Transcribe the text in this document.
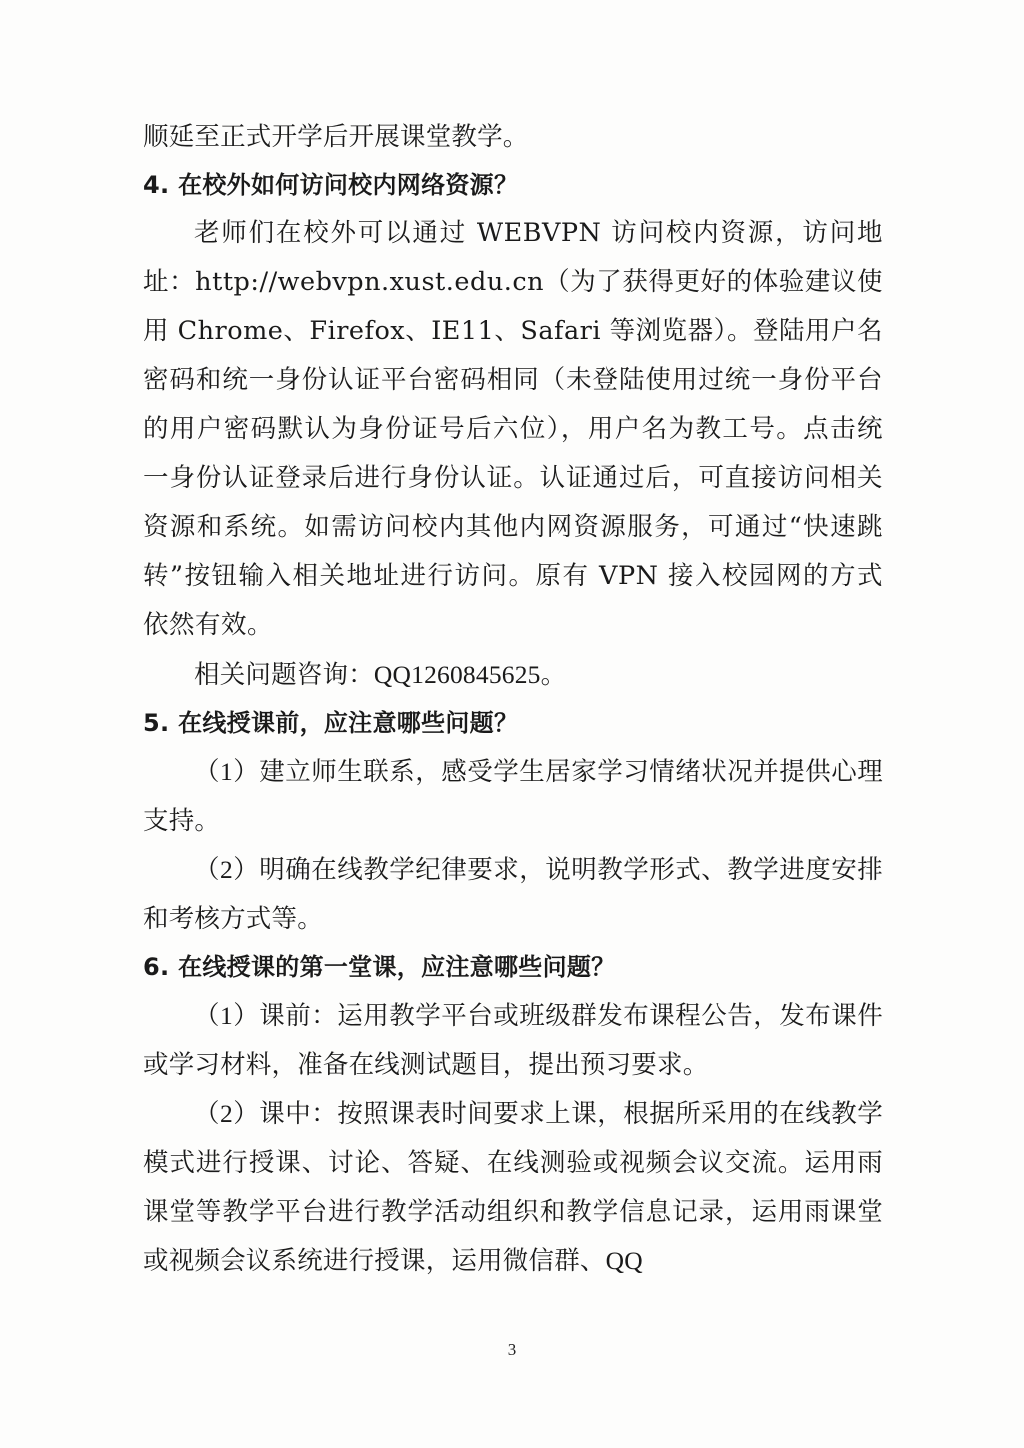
顺延至正式开学后开展课堂教学。

4. 在校外如何访问校内网络资源？

老师们在校外可以通过 WEBVPN 访问校内资源，访问地址：http://webvpn.xust.edu.cn（为了获得更好的体验建议使用 Chrome、Firefox、IE11、Safari 等浏览器）。登陆用户名密码和统一身份认证平台密码相同（未登陆使用过统一身份平台的用户密码默认为身份证号后六位），用户名为教工号。点击统一身份认证登录后进行身份认证。认证通过后，可直接访问相关资源和系统。如需访问校内其他内网资源服务，可通过“快速跳转”按钮输入相关地址进行访问。原有 VPN 接入校园网的方式依然有效。

相关问题咨询：QQ1260845625。

5. 在线授课前，应注意哪些问题？

（1）建立师生联系，感受学生居家学习情绪状况并提供心理支持。

（2）明确在线教学纪律要求，说明教学形式、教学进度安排和考核方式等。

6. 在线授课的第一堂课，应注意哪些问题？

（1）课前：运用教学平台或班级群发布课程公告，发布课件或学习材料，准备在线测试题目，提出预习要求。

（2）课中：按照课表时间要求上课，根据所采用的在线教学模式进行授课、讨论、答疑、在线测验或视频会议交流。运用雨课堂等教学平台进行教学活动组织和教学信息记录，运用雨课堂或视频会议系统进行授课，运用微信群、QQ

3
